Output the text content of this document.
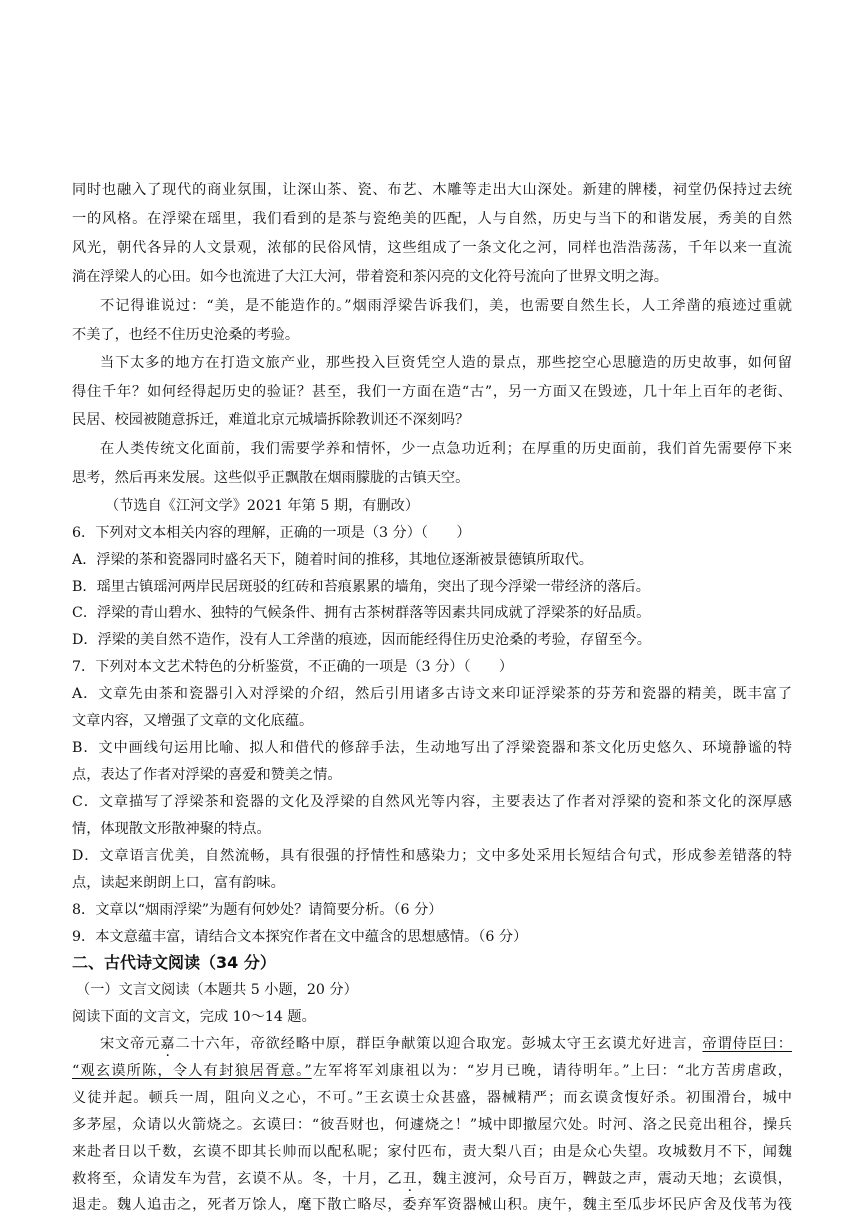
同时也融入了现代的商业氛围，让深山茶、瓷、布艺、木雕等走出大山深处。新建的牌楼，祠堂仍保持过去统
一的风格。在浮梁在瑶里，我们看到的是茶与瓷绝美的匹配，人与自然，历史与当下的和谐发展，秀美的自然
风光，朝代各异的人文景观，浓郁的民俗风情，这些组成了一条文化之河，同样也浩浩荡荡，千年以来一直流
淌在浮梁人的心田。如今也流进了大江大河，带着瓷和茶闪亮的文化符号流向了世界文明之海。
不记得谁说过：“美，是不能造作的。”烟雨浮梁告诉我们，美，也需要自然生长，人工斧凿的痕迹过重就
不美了，也经不住历史沧桑的考验。
当下太多的地方在打造文旅产业，那些投入巨资凭空人造的景点，那些挖空心思臆造的历史故事，如何留
得住千年？如何经得起历史的验证？甚至，我们一方面在造“古”，另一方面又在毁迹，几十年上百年的老街、
民居、校园被随意拆迁，难道北京元城墙拆除教训还不深刻吗？
在人类传统文化面前，我们需要学养和情怀，少一点急功近利；在厚重的历史面前，我们首先需要停下来
思考，然后再来发展。这些似乎正飘散在烟雨朦胧的古镇天空。
（节选自《江河文学》2021 年第 5 期，有删改）
6．下列对文本相关内容的理解，正确的一项是（3 分）（　　）
A．浮梁的茶和瓷器同时盛名天下，随着时间的推移，其地位逐渐被景德镇所取代。
B．瑶里古镇瑶河两岸民居斑驳的红砖和苔痕累累的墙角，突出了现今浮梁一带经济的落后。
C．浮梁的青山碧水、独特的气候条件、拥有古茶树群落等因素共同成就了浮梁茶的好品质。
D．浮梁的美自然不造作，没有人工斧凿的痕迹，因而能经得住历史沧桑的考验，存留至今。
7．下列对本文艺术特色的分析鉴赏，不正确的一项是（3 分）（　　）
A．文章先由茶和瓷器引入对浮梁的介绍，然后引用诸多古诗文来印证浮梁茶的芬芳和瓷器的精美，既丰富了
文章内容，又增强了文章的文化底蕴。
B．文中画线句运用比喻、拟人和借代的修辞手法，生动地写出了浮梁瓷器和茶文化历史悠久、环境静谧的特
点，表达了作者对浮梁的喜爱和赞美之情。
C．文章描写了浮梁茶和瓷器的文化及浮梁的自然风光等内容，主要表达了作者对浮梁的瓷和茶文化的深厚感
情，体现散文形散神聚的特点。
D．文章语言优美，自然流畅，具有很强的抒情性和感染力；文中多处采用长短结合句式，形成参差错落的特
点，读起来朗朗上口，富有韵味。
8．文章以“烟雨浮梁”为题有何妙处？请简要分析。（6 分）
9．本文意蕴丰富，请结合文本探究作者在文中蕴含的思想感情。（6 分）
二、古代诗文阅读（34 分）
（一）文言文阅读（本题共 5 小题，20 分）
阅读下面的文言文，完成 10～14 题。
宋文帝元嘉二十六年，帝欲经略中原，群臣争献策以迎合取宠。彭城太守王玄谟尤好进言，帝谓侍臣曰：
“观玄谟所陈，令人有封狼居胥意。”左军将军刘康祖以为：“岁月已晚，请待明年。”上曰：“北方苦虏虐政，
义徒并起。顿兵一周，阻向义之心，不可。”王玄谟士众甚盛，器械精严；而玄谟贪愎好杀。初围滑台，城中
多茅屋，众请以火箭烧之。玄谟曰：“彼吾财也，何遽烧之！”城中即撤屋穴处。时河、洛之民竞出租谷，操兵
来赴者日以千数，玄谟不即其长帅而以配私昵；家付匹布，责大梨八百；由是众心失望。攻城数月不下，闻魏
救将至，众请发车为营，玄谟不从。冬，十月，乙丑，魏主渡河，众号百万，鞞鼓之声，震动天地；玄谟惧，
退走。魏人追击之，死者万馀人，麾下散亡略尽，委弃军资器械山积。庚午，魏主至瓜步坏民庐舍及伐苇为筏
